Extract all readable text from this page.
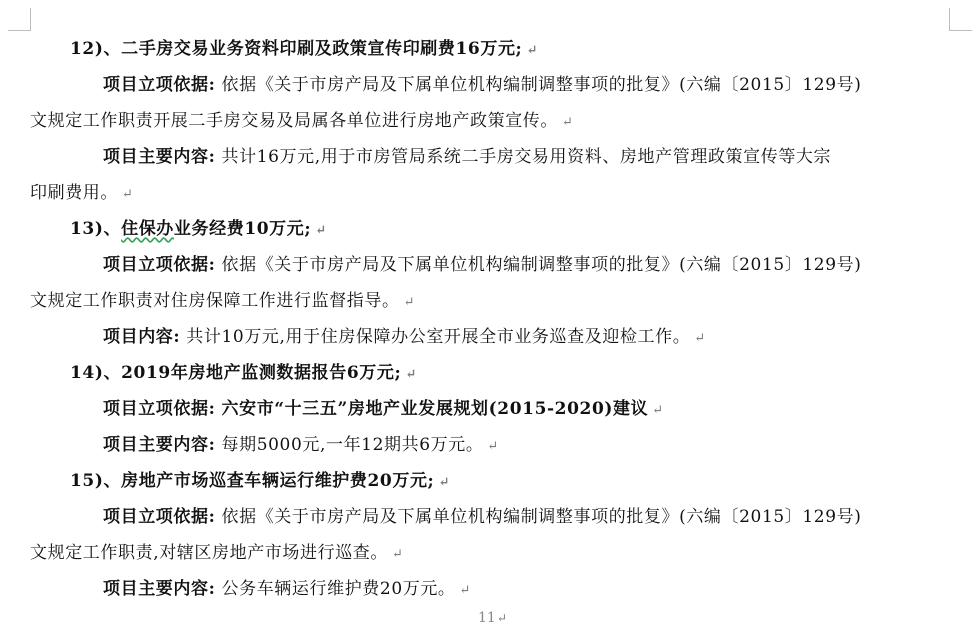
12)、二手房交易业务资料印刷及政策宣传印刷费16万元; ↵
项目立项依据: 依据《关于市房产局及下属单位机构编制调整事项的批复》(六编〔2015〕129号)
文规定工作职责开展二手房交易及局属各单位进行房地产政策宣传。 ↵
项目主要内容: 共计16万元,用于市房管局系统二手房交易用资料、房地产管理政策宣传等大宗
印刷费用。 ↵
13)、住保办业务经费10万元; ↵
项目立项依据: 依据《关于市房产局及下属单位机构编制调整事项的批复》(六编〔2015〕129号)
文规定工作职责对住房保障工作进行监督指导。 ↵
项目内容: 共计10万元,用于住房保障办公室开展全市业务巡查及迎检工作。 ↵
14)、2019年房地产监测数据报告6万元; ↵
项目立项依据: 六安市“十三五”房地产业发展规划(2015-2020)建议 ↵
项目主要内容: 每期5000元,一年12期共6万元。 ↵
15)、房地产市场巡查车辆运行维护费20万元; ↵
项目立项依据: 依据《关于市房产局及下属单位机构编制调整事项的批复》(六编〔2015〕129号)
文规定工作职责,对辖区房地产市场进行巡查。 ↵
项目主要内容: 公务车辆运行维护费20万元。 ↵
11↵
